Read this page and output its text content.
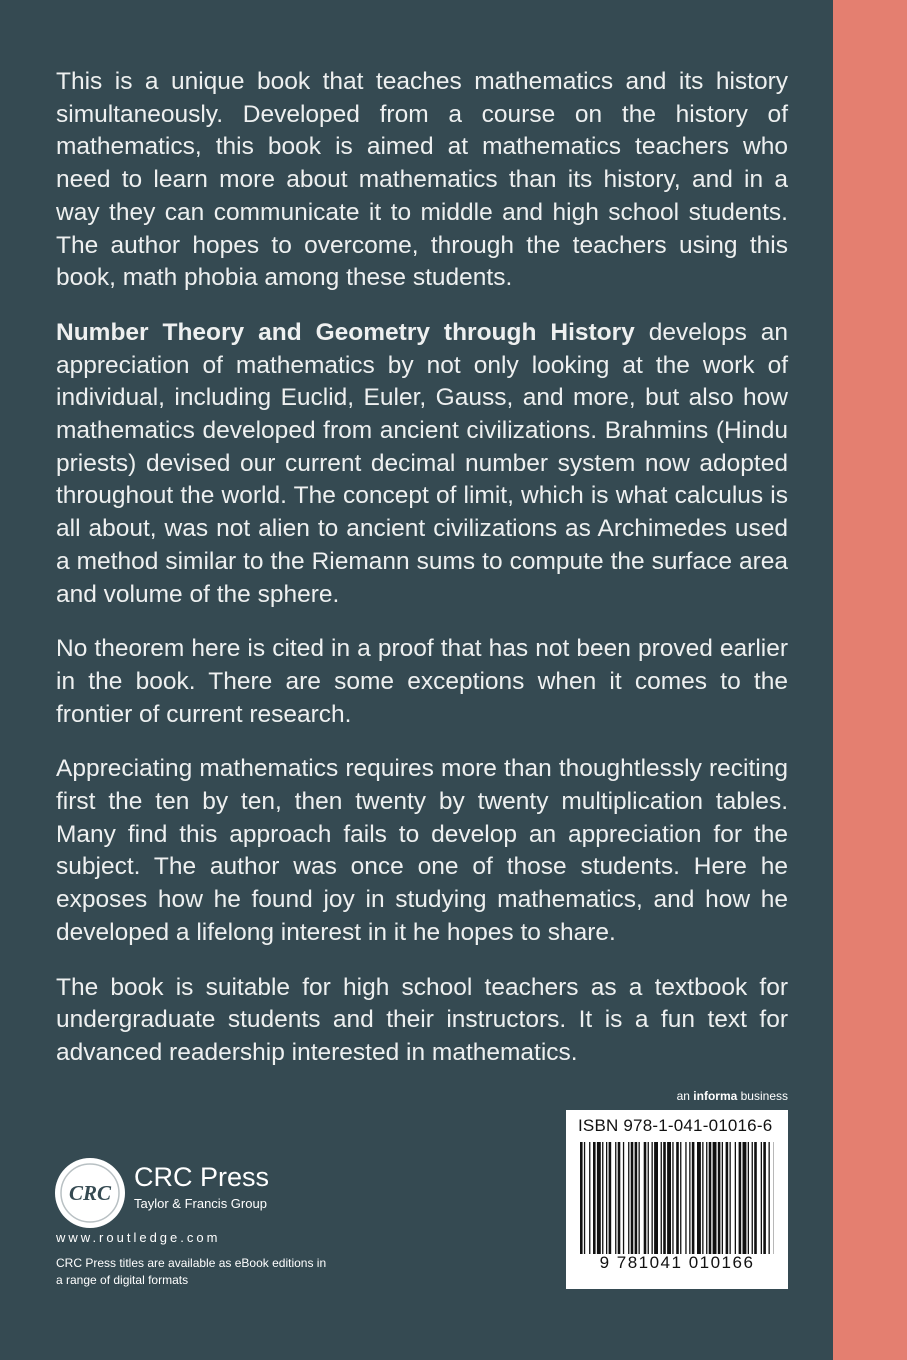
This is a unique book that teaches mathematics and its history simultaneously. Developed from a course on the history of mathematics, this book is aimed at mathematics teachers who need to learn more about mathematics than its history, and in a way they can communicate it to middle and high school students. The author hopes to overcome, through the teachers using this book, math phobia among these students.

Number Theory and Geometry through History develops an appreciation of mathematics by not only looking at the work of individual, including Euclid, Euler, Gauss, and more, but also how mathematics developed from ancient civilizations. Brahmins (Hindu priests) devised our current decimal number system now adopted throughout the world. The concept of limit, which is what calculus is all about, was not alien to ancient civilizations as Archimedes used a method similar to the Riemann sums to compute the surface area and volume of the sphere.

No theorem here is cited in a proof that has not been proved earlier in the book. There are some exceptions when it comes to the frontier of current research.

Appreciating mathematics requires more than thoughtlessly reciting first the ten by ten, then twenty by twenty multiplication tables. Many find this approach fails to develop an appreciation for the subject. The author was once one of those students. Here he exposes how he found joy in studying mathematics, and how he developed a lifelong interest in it he hopes to share.

The book is suitable for high school teachers as a textbook for undergraduate students and their instructors. It is a fun text for advanced readership interested in mathematics.

an informa business
ISBN 978-1-041-01016-6
9 781041 010166
CRC
CRC Press
Taylor & Francis Group
www.routledge.com
CRC Press titles are available as eBook editions in a range of digital formats
